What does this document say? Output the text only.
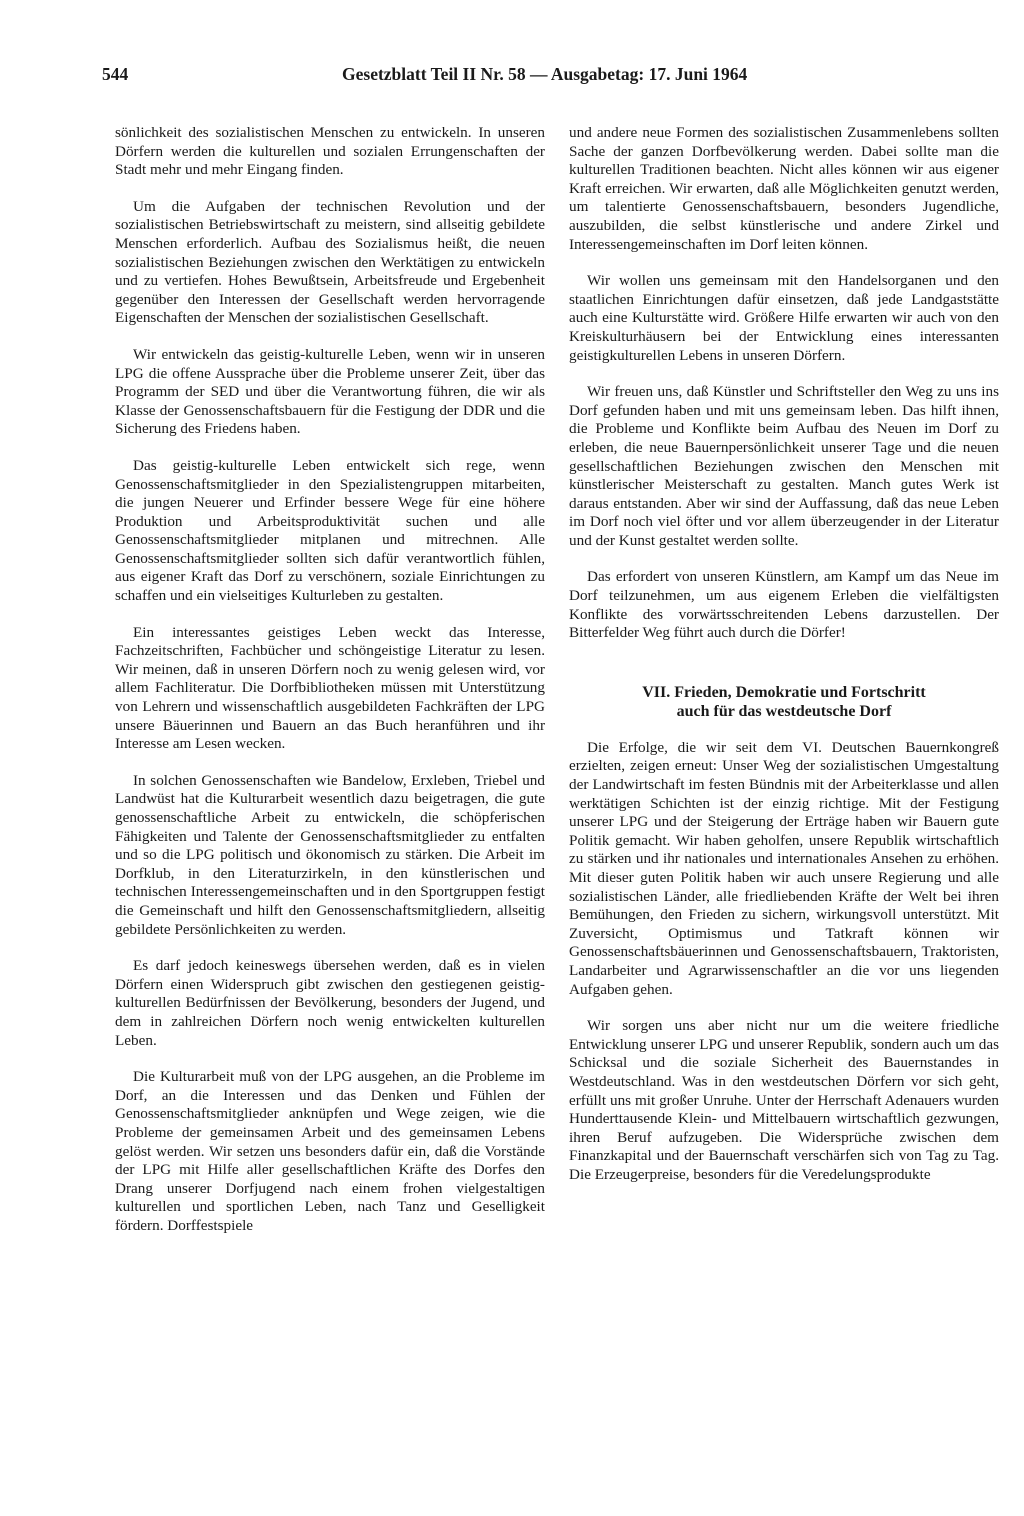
544	Gesetzblatt Teil II Nr. 58 — Ausgabetag: 17. Juni 1964

sönlichkeit des sozialistischen Menschen zu entwickeln. In unseren Dörfern werden die kulturellen und sozialen Errungenschaften der Stadt mehr und mehr Eingang finden.

Um die Aufgaben der technischen Revolution und der sozialistischen Betriebswirtschaft zu meistern, sind allseitig gebildete Menschen erforderlich. Aufbau des Sozialismus heißt, die neuen sozialistischen Beziehungen zwischen den Werktätigen zu entwickeln und zu vertiefen. Hohes Bewußtsein, Arbeitsfreude und Ergebenheit gegenüber den Interessen der Gesellschaft werden hervorragende Eigenschaften der Menschen der sozialistischen Gesellschaft.

Wir entwickeln das geistig-kulturelle Leben, wenn wir in unseren LPG die offene Aussprache über die Probleme unserer Zeit, über das Programm der SED und über die Verantwortung führen, die wir als Klasse der Genossenschaftsbauern für die Festigung der DDR und die Sicherung des Friedens haben.

Das geistig-kulturelle Leben entwickelt sich rege, wenn Genossenschaftsmitglieder in den Spezialistengruppen mitarbeiten, die jungen Neuerer und Erfinder bessere Wege für eine höhere Produktion und Arbeitsproduktivität suchen und alle Genossenschaftsmitglieder mitplanen und mitrechnen. Alle Genossenschaftsmitglieder sollten sich dafür verantwortlich fühlen, aus eigener Kraft das Dorf zu verschönern, soziale Einrichtungen zu schaffen und ein vielseitiges Kulturleben zu gestalten.

Ein interessantes geistiges Leben weckt das Interesse, Fachzeitschriften, Fachbücher und schöngeistige Literatur zu lesen. Wir meinen, daß in unseren Dörfern noch zu wenig gelesen wird, vor allem Fachliteratur. Die Dorfbibliotheken müssen mit Unterstützung von Lehrern und wissenschaftlich ausgebildeten Fachkräften der LPG unsere Bäuerinnen und Bauern an das Buch heranführen und ihr Interesse am Lesen wecken.

In solchen Genossenschaften wie Bandelow, Erxleben, Triebel und Landwüst hat die Kulturarbeit wesentlich dazu beigetragen, die gute genossenschaftliche Arbeit zu entwickeln, die schöpferischen Fähigkeiten und Talente der Genossenschaftsmitglieder zu entfalten und so die LPG politisch und ökonomisch zu stärken. Die Arbeit im Dorfklub, in den Literaturzirkeln, in den künstlerischen und technischen Interessengemeinschaften und in den Sportgruppen festigt die Gemeinschaft und hilft den Genossenschaftsmitgliedern, allseitig gebildete Persönlichkeiten zu werden.

Es darf jedoch keineswegs übersehen werden, daß es in vielen Dörfern einen Widerspruch gibt zwischen den gestiegenen geistig-kulturellen Bedürfnissen der Bevölkerung, besonders der Jugend, und dem in zahlreichen Dörfern noch wenig entwickelten kulturellen Leben.

Die Kulturarbeit muß von der LPG ausgehen, an die Probleme im Dorf, an die Interessen und das Denken und Fühlen der Genossenschaftsmitglieder anknüpfen und Wege zeigen, wie die Probleme der gemeinsamen Arbeit und des gemeinsamen Lebens gelöst werden. Wir setzen uns besonders dafür ein, daß die Vorstände der LPG mit Hilfe aller gesellschaftlichen Kräfte des Dorfes den Drang unserer Dorfjugend nach einem frohen vielgestaltigen kulturellen und sportlichen Leben, nach Tanz und Geselligkeit fördern. Dorffestspiele

und andere neue Formen des sozialistischen Zusammenlebens sollten Sache der ganzen Dorfbevölkerung werden. Dabei sollte man die kulturellen Traditionen beachten. Nicht alles können wir aus eigener Kraft erreichen. Wir erwarten, daß alle Möglichkeiten genutzt werden, um talentierte Genossenschaftsbauern, besonders Jugendliche, auszubilden, die selbst künstlerische und andere Zirkel und Interessengemeinschaften im Dorf leiten können.

Wir wollen uns gemeinsam mit den Handelsorganen und den staatlichen Einrichtungen dafür einsetzen, daß jede Landgaststätte auch eine Kulturstätte wird. Größere Hilfe erwarten wir auch von den Kreiskulturhäusern bei der Entwicklung eines interessanten geistigkulturellen Lebens in unseren Dörfern.

Wir freuen uns, daß Künstler und Schriftsteller den Weg zu uns ins Dorf gefunden haben und mit uns gemeinsam leben. Das hilft ihnen, die Probleme und Konflikte beim Aufbau des Neuen im Dorf zu erleben, die neue Bauernpersönlichkeit unserer Tage und die neuen gesellschaftlichen Beziehungen zwischen den Menschen mit künstlerischer Meisterschaft zu gestalten. Manch gutes Werk ist daraus entstanden. Aber wir sind der Auffassung, daß das neue Leben im Dorf noch viel öfter und vor allem überzeugender in der Literatur und der Kunst gestaltet werden sollte.

Das erfordert von unseren Künstlern, am Kampf um das Neue im Dorf teilzunehmen, um aus eigenem Erleben die vielfältigsten Konflikte des vorwärtsschreitenden Lebens darzustellen. Der Bitterfelder Weg führt auch durch die Dörfer!

VII. Frieden, Demokratie und Fortschritt
auch für das westdeutsche Dorf

Die Erfolge, die wir seit dem VI. Deutschen Bauernkongreß erzielten, zeigen erneut: Unser Weg der sozialistischen Umgestaltung der Landwirtschaft im festen Bündnis mit der Arbeiterklasse und allen werktätigen Schichten ist der einzig richtige. Mit der Festigung unserer LPG und der Steigerung der Erträge haben wir Bauern gute Politik gemacht. Wir haben geholfen, unsere Republik wirtschaftlich zu stärken und ihr nationales und internationales Ansehen zu erhöhen. Mit dieser guten Politik haben wir auch unsere Regierung und alle sozialistischen Länder, alle friedliebenden Kräfte der Welt bei ihren Bemühungen, den Frieden zu sichern, wirkungsvoll unterstützt. Mit Zuversicht, Optimismus und Tatkraft können wir Genossenschaftsbäuerinnen und Genossenschaftsbauern, Traktoristen, Landarbeiter und Agrarwissenschaftler an die vor uns liegenden Aufgaben gehen.

Wir sorgen uns aber nicht nur um die weitere friedliche Entwicklung unserer LPG und unserer Republik, sondern auch um das Schicksal und die soziale Sicherheit des Bauernstandes in Westdeutschland. Was in den westdeutschen Dörfern vor sich geht, erfüllt uns mit großer Unruhe. Unter der Herrschaft Adenauers wurden Hunderttausende Klein- und Mittelbauern wirtschaftlich gezwungen, ihren Beruf aufzugeben. Die Widersprüche zwischen dem Finanzkapital und der Bauernschaft verschärfen sich von Tag zu Tag. Die Erzeugerpreise, besonders für die Veredelungsprodukte
